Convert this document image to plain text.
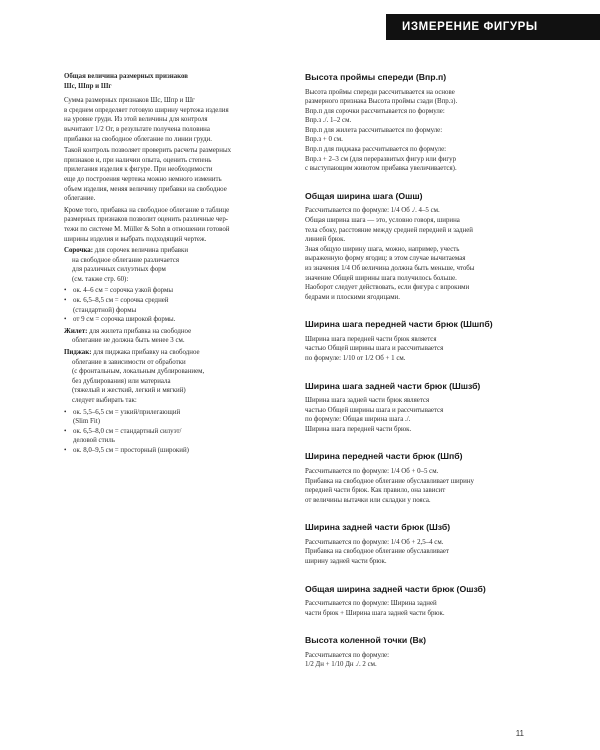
ИЗМЕРЕНИЕ ФИГУРЫ
Общая величина размерных признаков
Шс, Шпр и Шг

Сумма размерных признаков Шс, Шпр и Шг
в среднем определяет готовую ширину чертежа изделия
на уровне груди. Из этой величины для контроля
вычитают 1/2 Ог, в результате получена половина
прибавки на свободное облегание по линии груди.

Такой контроль позволяет проверить расчеты размерных
признаков и, при наличии опыта, оценить степень
прилегания изделия к фигуре. При необходимости
еще до построения чертежа можно немного изменить
объем изделия, меняя величину прибавки на свободное
облегание.

Кроме того, прибавка на свободное облегание в таблице
размерных признаков позволит оценить различные чер-
тежи по системе M. Müller & Sohn в отношении готовой
ширины изделия и выбрать подходящий чертеж.

Сорочка: для сорочек величина прибавки
на свободное облегание различается
для различных силуэтных форм
(см. также стр. 60):

• ок. 4–6 см = сорочка узкой формы
• ок. 6,5–8,5 см = сорочка средней
(стандартной) формы
• от 9 см = сорочка широкой формы.

Жилет: для жилета прибавка на свободное
облегание не должна быть менее 3 см.

Пиджак: для пиджака прибавку на свободное
облегание в зависимости от обработки
(с фронтальным, локальным дублированием,
без дублирования) или материала
(тяжелый и жесткий, легкий и мягкий)
следует выбирать так:

• ок. 5,5–6,5 см = узкий/прилегающий
(Slim Fit)
• ок. 6,5–8,0 см = стандартный силуэт/
деловой стиль
• ок. 8,0–9,5 см = просторный (широкий)
Высота проймы спереди (Впр.п)

Высота проймы спереди рассчитывается на основе
размерного признака Высота проймы сзади (Впр.з).
Впр.п для сорочки рассчитывается по формуле:
Впр.з ./. 1–2 см.
Впр.п для жилета рассчитывается по формуле:
Впр.з + 0 см.
Впр.п для пиджака рассчитывается по формуле:
Впр.з + 2–3 см (для переразвитых фигур или фигур
с выступающим животом прибавка увеличивается).

Общая ширина шага (Ошш)

Рассчитывается по формуле: 1/4 Об ./. 4–5 см.
Общая ширина шага — это, условно говоря, ширина
тела сбоку, расстояние между средней передней и задней
линией брюк.
Зная общую ширину шага, можно, например, учесть
выраженную форму ягодиц: в этом случае вычитаемая
из значения 1/4 Об величина должна быть меньше, чтобы
значение Общей ширины шага получилось больше.
Наоборот следует действовать, если фигура с впрокими
бедрами и плоскими ягодицами.

Ширина шага передней части брюк (Шшпб)

Ширина шага передней части брюк является
частью Общей ширины шага и рассчитывается
по формуле: 1/10 от 1/2 Об + 1 см.

Ширина шага задней части брюк (Шшзб)

Ширина шага задней части брюк является
частью Общей ширины шага и рассчитывается
по формуле: Общая ширина шага ./.
Ширина шага передней части брюк.

Ширина передней части брюк (Шпб)

Рассчитывается по формуле: 1/4 Об + 0–5 см.
Прибавка на свободное облегание обуславливает ширину
передней части брюк. Как правило, она зависит
от величины вытачки или складки у пояса.

Ширина задней части брюк (Шзб)

Рассчитывается по формуле: 1/4 Об + 2,5–4 см.
Прибавка на свободное облегание обуславливает
ширину задней части брюк.

Общая ширина задней части брюк (Ошзб)

Рассчитывается по формуле: Ширина задней
части брюк + Ширина шага задней части брюк.

Высота коленной точки (Вк)

Рассчитывается по формуле:
1/2 Дн + 1/10 Дн ./. 2 см.

11
